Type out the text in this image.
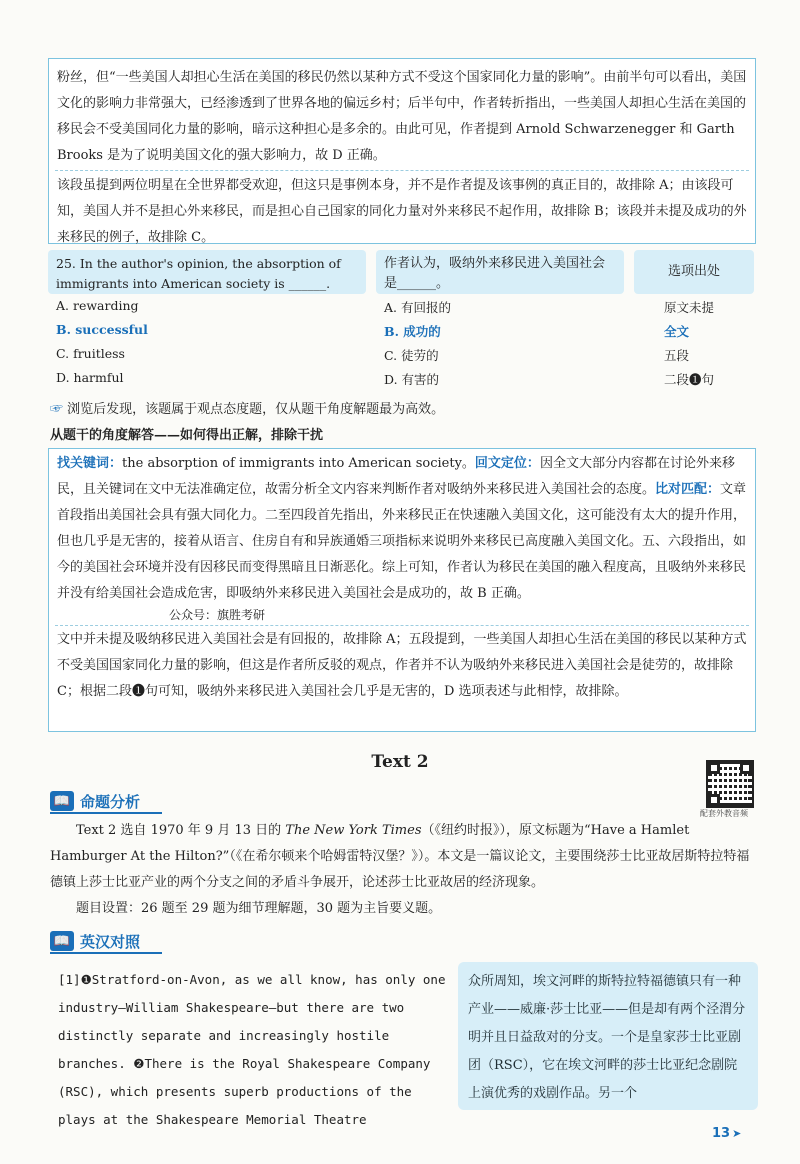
粉丝，但“一些美国人却担心生活在美国的移民仍然以某种方式不受这个国家同化力量的影响”。由前半句可以看出，美国文化的影响力非常强大，已经渗透到了世界各地的偏远乡村；后半句中，作者转折指出，一些美国人却担心生活在美国的移民会不受美国同化力量的影响，暗示这种担心是多余的。由此可见，作者提到 Arnold Schwarzenegger 和 Garth Brooks 是为了说明美国文化的强大影响力，故 D 正确。
该段虽提到两位明星在全世界都受欢迎，但这只是事例本身，并不是作者提及该事例的真正目的，故排除 A；由该段可知，美国人并不是担心外来移民，而是担心自己国家的同化力量对外来移民不起作用，故排除 B；该段并未提及成功的外来移民的例子，故排除 C。
25. In the author's opinion, the absorption of immigrants into American society is ______.
作者认为，吸纳外来移民进入美国社会是______。
选项出处
A. rewarding	A. 有回报的	原文未提
B. successful	B. 成功的	全文
C. fruitless	C. 徒劳的	五段
D. harmful	D. 有害的	二段❶句
☞ 浏览后发现，该题属于观点态度题，仅从题干角度解题最为高效。
从题干的角度解答——如何得出正解，排除干扰
找关键词：the absorption of immigrants into American society。回文定位：因全文大部分内容都在讨论外来移民，且关键词在文中无法准确定位，故需分析全文内容来判断作者对吸纳外来移民进入美国社会的态度。比对匹配：文章首段指出美国社会具有强大同化力。二至四段首先指出，外来移民正在快速融入美国文化，这可能没有太大的提升作用，但也几乎是无害的，接着从语言、住房自有和异族通婚三项指标来说明外来移民已高度融入美国文化。五、六段指出，如今的美国社会环境并没有因移民而变得黑暗且日渐恶化。综上可知，作者认为移民在美国的融入程度高，且吸纳外来移民并没有给美国社会造成危害，即吸纳外来移民进入美国社会是成功的，故 B 正确。
公众号：旗胜考研
文中并未提及吸纳移民进入美国社会是有回报的，故排除 A；五段提到，一些美国人却担心生活在美国的移民以某种方式不受美国国家同化力量的影响，但这是作者所反驳的观点，作者并不认为吸纳外来移民进入美国社会是徒劳的，故排除 C；根据二段❶句可知，吸纳外来移民进入美国社会几乎是无害的，D 选项表述与此相悖，故排除。
Text 2
配套外教音频
📖 命题分析
Text 2 选自 1970 年 9 月 13 日的 The New York Times（《纽约时报》），原文标题为“Have a Hamlet Hamburger At the Hilton?”（《在希尔顿来个哈姆雷特汉堡？》）。本文是一篇议论文，主要围绕莎士比亚故居斯特拉特福德镇上莎士比亚产业的两个分支之间的矛盾斗争展开，论述莎士比亚故居的经济现象。
题目设置：26 题至 29 题为细节理解题，30 题为主旨要义题。
📖 英汉对照
[1]❶Stratford-on-Avon, as we all know, has only one industry—William Shakespeare—but there are two distinctly separate and increasingly hostile branches. ❷There is the Royal Shakespeare Company (RSC), which presents superb productions of the plays at the Shakespeare Memorial Theatre
众所周知，埃文河畔的斯特拉特福德镇只有一种产业——威廉·莎士比亚——但是却有两个泾渭分明并且日益敌对的分支。一个是皇家莎士比亚剧团（RSC），它在埃文河畔的莎士比亚纪念剧院上演优秀的戏剧作品。另一个
13 ➤
